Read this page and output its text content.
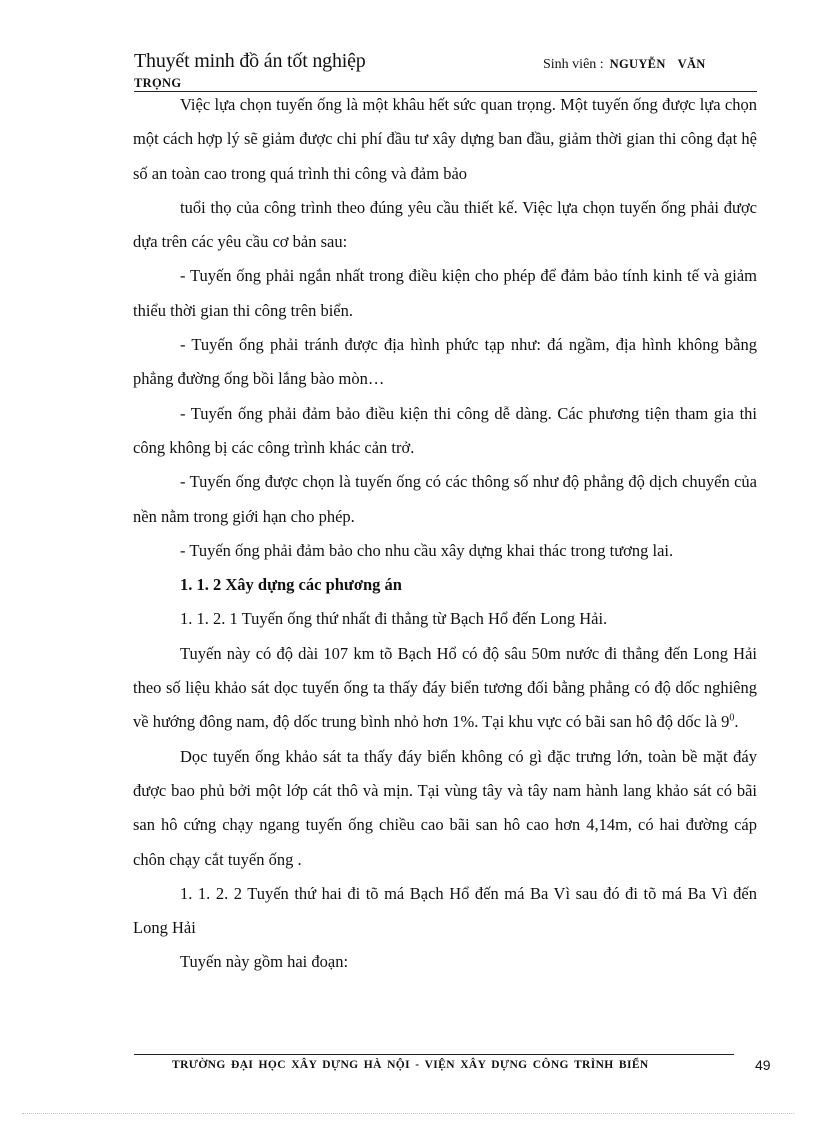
Thuyết minh đồ án tốt nghiệp	Sinh viên : NGUYỄN VĂN
TRỌNG

Việc lựa chọn tuyến ống là một khâu hết sức quan trọng. Một tuyến ống được lựa chọn một cách hợp lý sẽ giảm được chi phí đầu tư xây dựng ban đầu, giảm thời gian thi công đạt hệ số an toàn cao trong quá trình thi công và đảm bảo

tuổi thọ của công trình theo đúng yêu cầu thiết kế. Việc lựa chọn tuyến ống phải được dựa trên các yêu cầu cơ bản sau:

- Tuyến ống phải ngắn nhất trong điều kiện cho phép để đảm bảo tính kinh tế và giảm thiểu thời gian thi công trên biển.

- Tuyến ống phải tránh được địa hình phức tạp như: đá ngầm, địa hình không bằng phẳng đường ống bồi lắng bào mòn…

- Tuyến ống phải đảm bảo điều kiện thi công dễ dàng. Các phương tiện tham gia thi công không bị các công trình khác cản trở.

- Tuyến ống được chọn là tuyến ống có các thông số như độ phẳng độ dịch chuyển của nền nằm trong giới hạn cho phép.

- Tuyến ống phải đảm bảo cho nhu cầu xây dựng khai thác trong tương lai.

1. 1. 2 Xây dựng các phương án

1. 1. 2. 1 Tuyến ống thứ nhất đi thẳng từ Bạch Hổ đến Long Hải.

Tuyến này có độ dài 107 km tõ Bạch Hổ có độ sâu 50m nước đi thẳng đến Long Hải theo số liệu khảo sát dọc tuyến ống ta thấy đáy biển tương đối bằng phẳng có độ dốc nghiêng về hướng đông nam, độ dốc trung bình nhỏ hơn 1%. Tại khu vực có bãi san hô độ dốc là $9^0$.

Dọc tuyến ống khảo sát ta thấy đáy biển không có gì đặc trưng lớn, toàn bề mặt đáy được bao phủ bởi một lớp cát thô và mịn. Tại vùng tây và tây nam hành lang khảo sát có bãi san hô cứng chạy ngang tuyến ống chiều cao bãi san hô cao hơn 4,14m, có hai đường cáp chôn chạy cắt tuyến ống .

1. 1. 2. 2 Tuyến thứ hai đi tõ má Bạch Hổ đến má Ba Vì sau đó đi tõ má Ba Vì đến Long Hải

Tuyến này gồm hai đoạn:

TRƯỜNG ĐẠI HỌC XÂY DỰNG HÀ NỘI - VIỆN XÂY DỰNG CÔNG TRÌNH BIỂN	49
